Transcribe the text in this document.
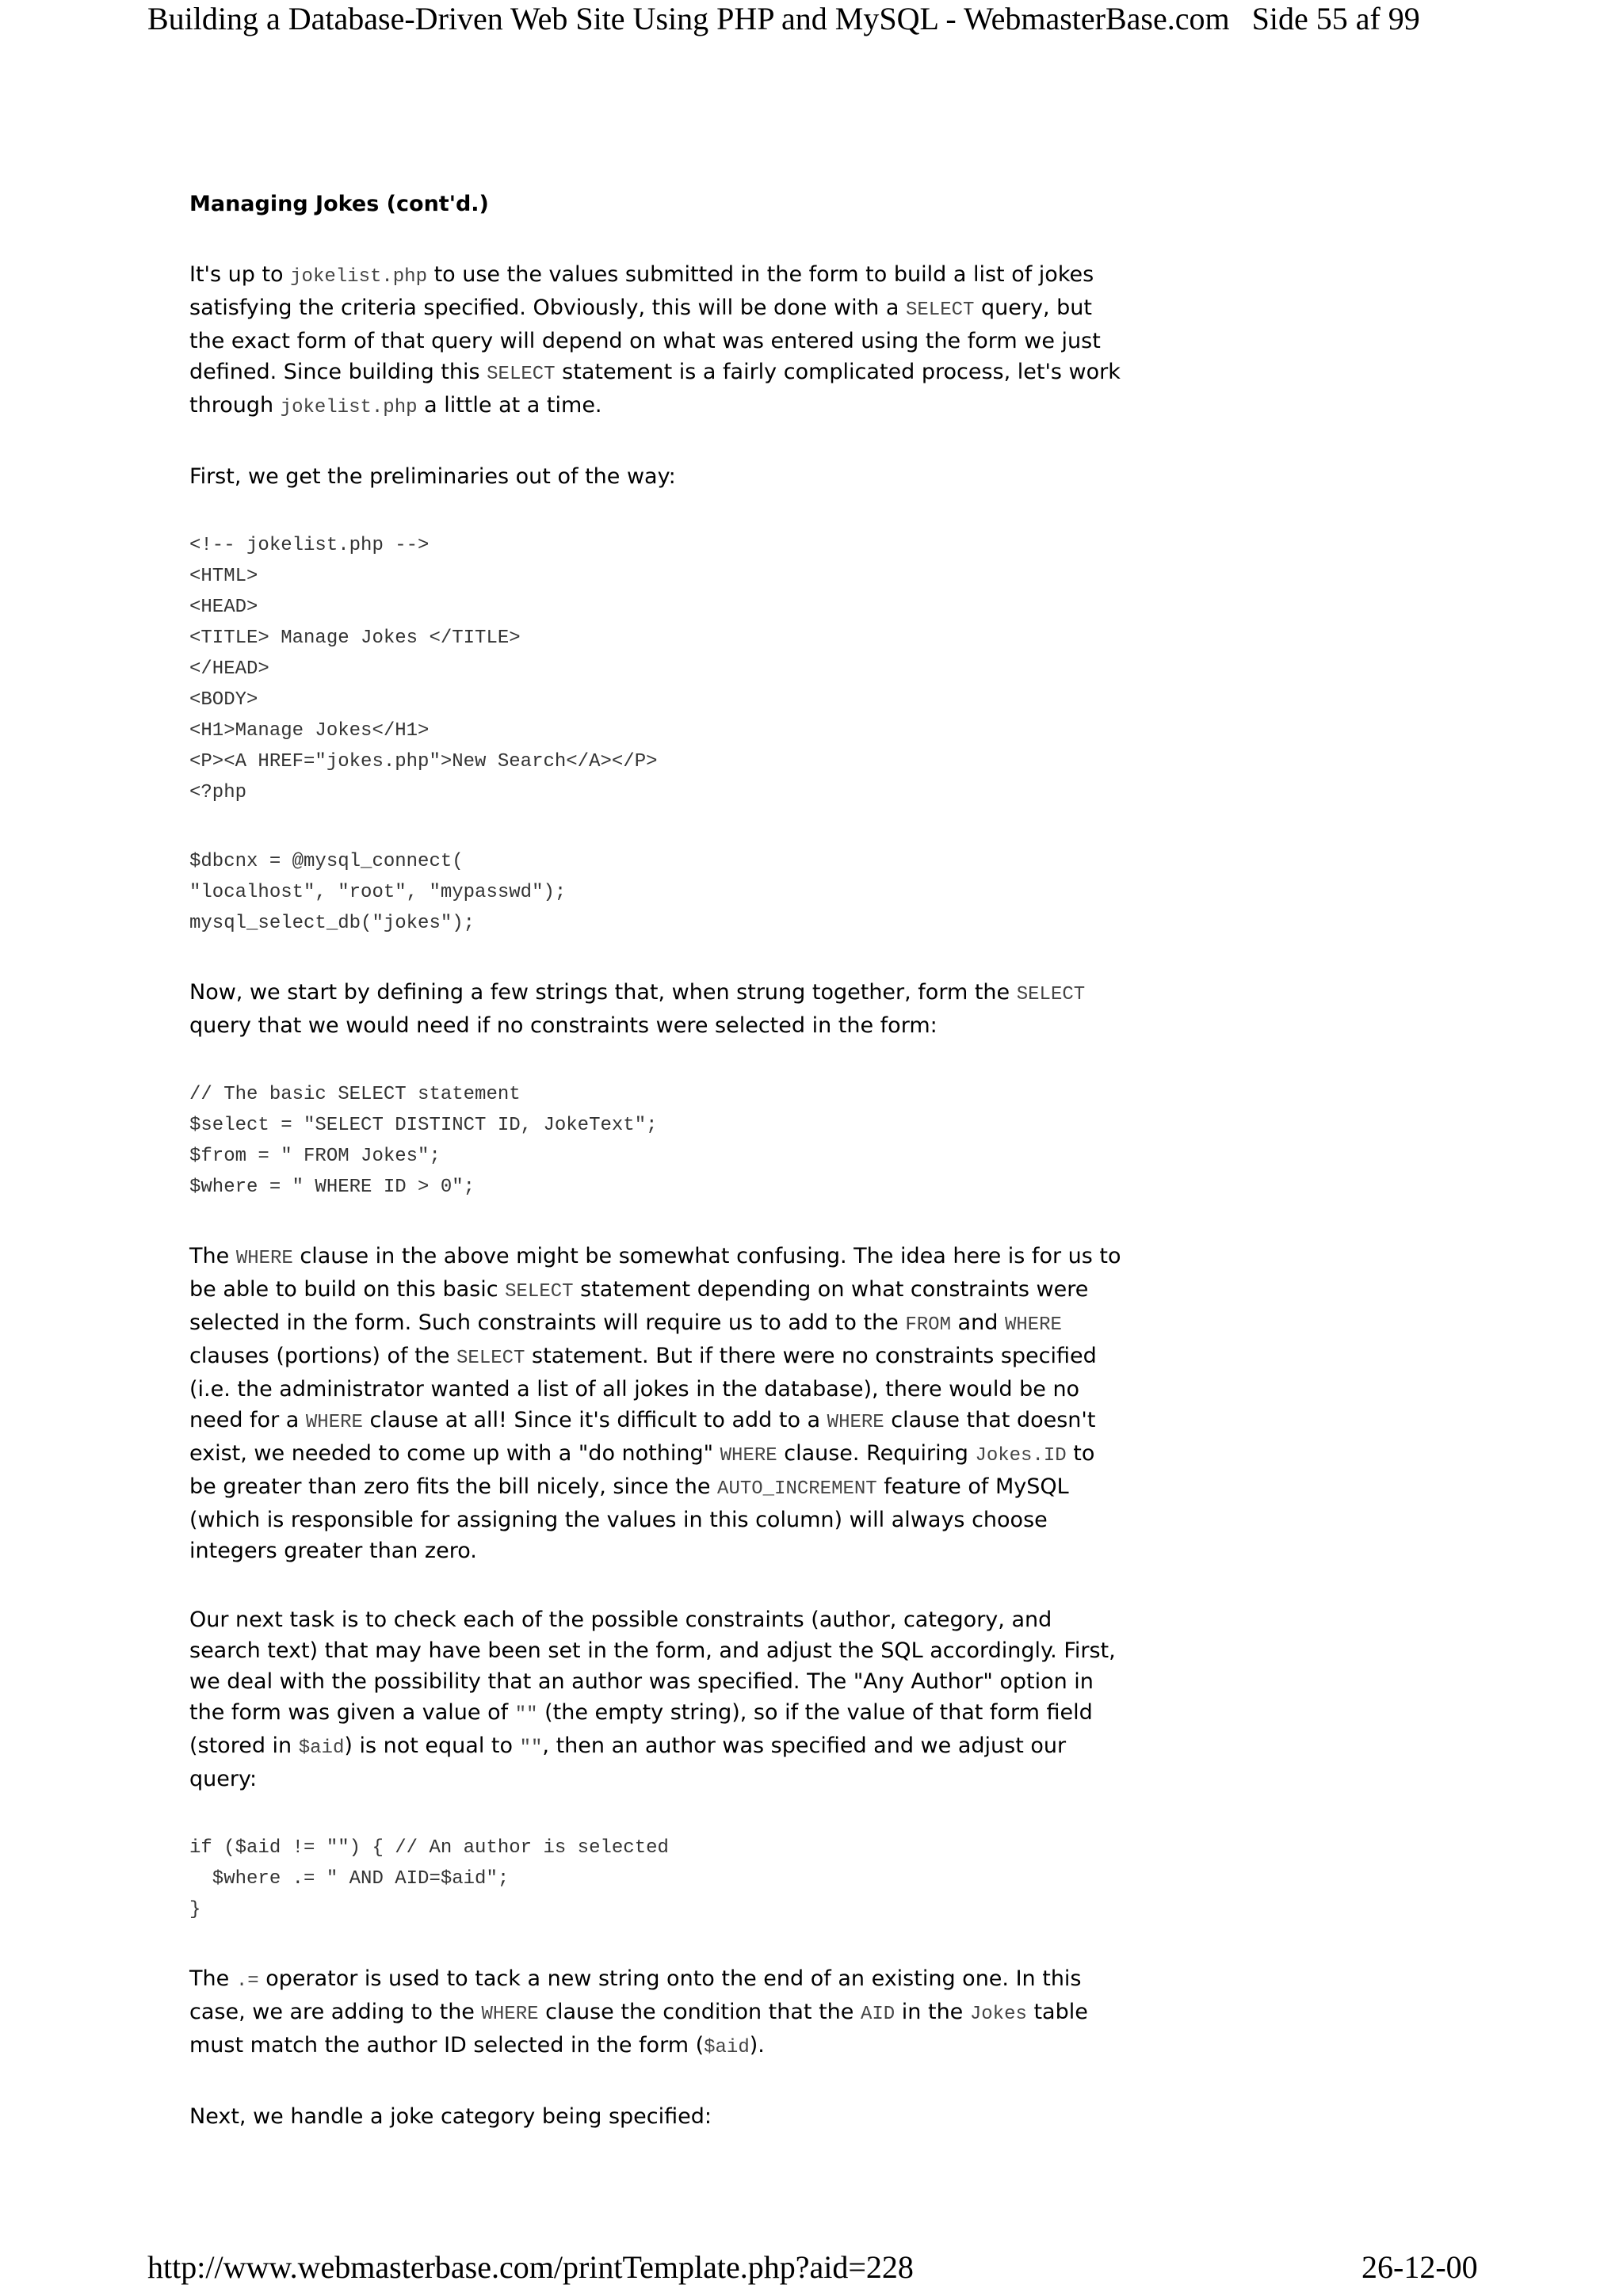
Building a Database-Driven Web Site Using PHP and MySQL - WebmasterBase.com Side 55 af 99
Managing Jokes (cont'd.)

It's up to jokelist.php to use the values submitted in the form to build a list of jokes satisfying the criteria specified. Obviously, this will be done with a SELECT query, but the exact form of that query will depend on what was entered using the form we just defined. Since building this SELECT statement is a fairly complicated process, let's work through jokelist.php a little at a time.

First, we get the preliminaries out of the way:

<!-- jokelist.php -->
<HTML>
<HEAD>
<TITLE> Manage Jokes </TITLE>
</HEAD>
<BODY>
<H1>Manage Jokes</H1>
<P><A HREF="jokes.php">New Search</A></P>
<?php
$dbcnx = @mysql_connect(
"localhost", "root", "mypasswd");
mysql_select_db("jokes");

Now, we start by defining a few strings that, when strung together, form the SELECT query that we would need if no constraints were selected in the form:

// The basic SELECT statement
$select = "SELECT DISTINCT ID, JokeText";
$from = " FROM Jokes";
$where = " WHERE ID > 0";

The WHERE clause in the above might be somewhat confusing. The idea here is for us to be able to build on this basic SELECT statement depending on what constraints were selected in the form. Such constraints will require us to add to the FROM and WHERE clauses (portions) of the SELECT statement. But if there were no constraints specified (i.e. the administrator wanted a list of all jokes in the database), there would be no need for a WHERE clause at all! Since it's difficult to add to a WHERE clause that doesn't exist, we needed to come up with a "do nothing" WHERE clause. Requiring Jokes.ID to be greater than zero fits the bill nicely, since the AUTO_INCREMENT feature of MySQL (which is responsible for assigning the values in this column) will always choose integers greater than zero.

Our next task is to check each of the possible constraints (author, category, and search text) that may have been set in the form, and adjust the SQL accordingly. First, we deal with the possibility that an author was specified. The "Any Author" option in the form was given a value of "" (the empty string), so if the value of that form field (stored in $aid) is not equal to "", then an author was specified and we adjust our query:

if ($aid != "") { // An author is selected
$where .= " AND AID=$aid";
}

The .= operator is used to tack a new string onto the end of an existing one. In this case, we are adding to the WHERE clause the condition that the AID in the Jokes table must match the author ID selected in the form ($aid).

Next, we handle a joke category being specified:

http://www.webmasterbase.com/printTemplate.php?aid=228	26-12-00
